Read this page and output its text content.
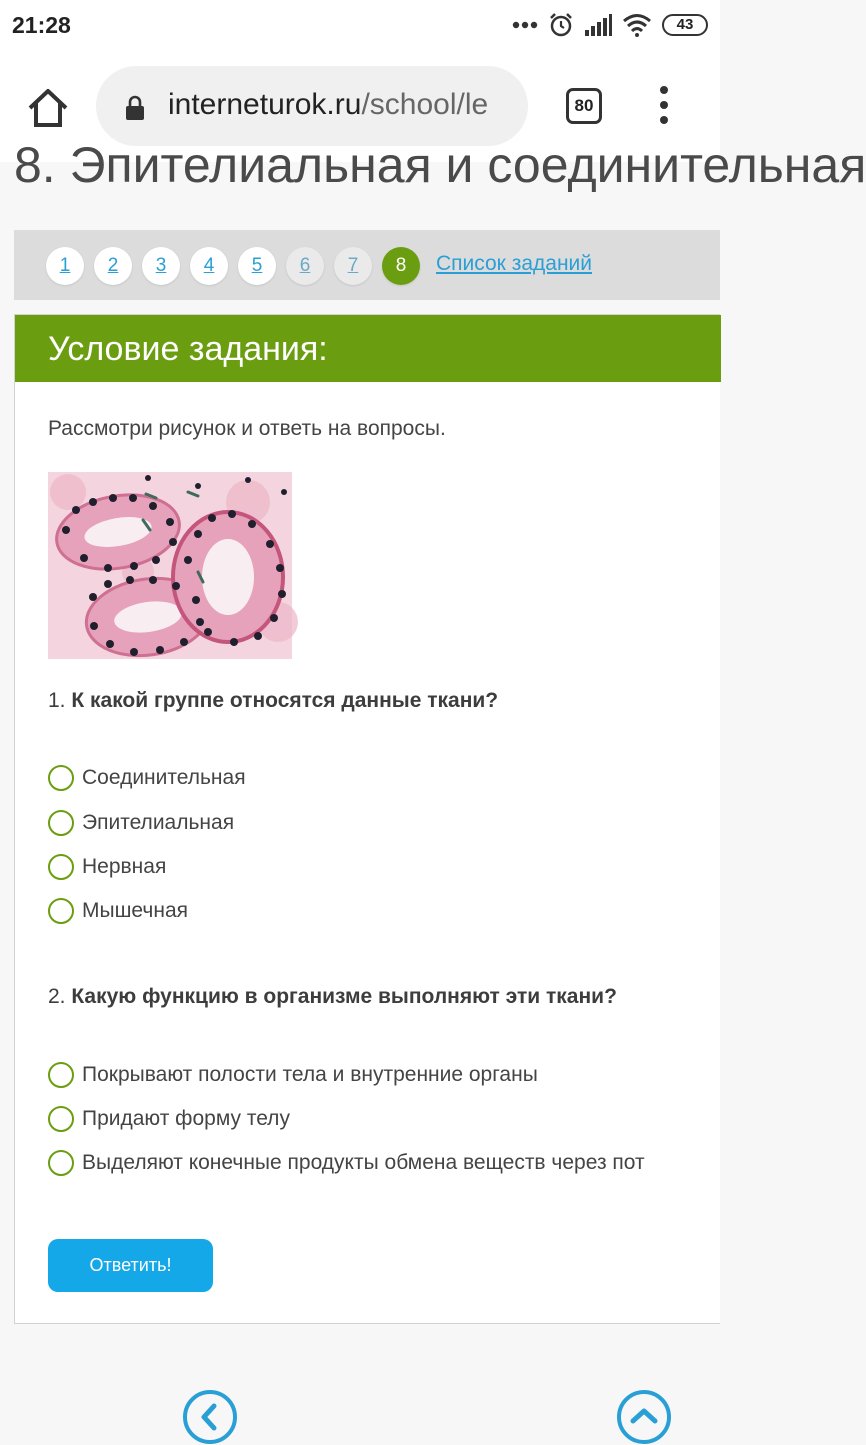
21:28	43
interneturok.ru/school/le	80
8. Эпителиальная и соединительная
1	2	3	4	5	6	7	8	Список заданий
Условие задания:
Рассмотри рисунок и ответь на вопросы.
1. К какой группе относятся данные ткани?
Соединительная
Эпителиальная
Нервная
Мышечная
2. Какую функцию в организме выполняют эти ткани?
Покрывают полости тела и внутренние органы
Придают форму телу
Выделяют конечные продукты обмена веществ через пот
Ответить!
